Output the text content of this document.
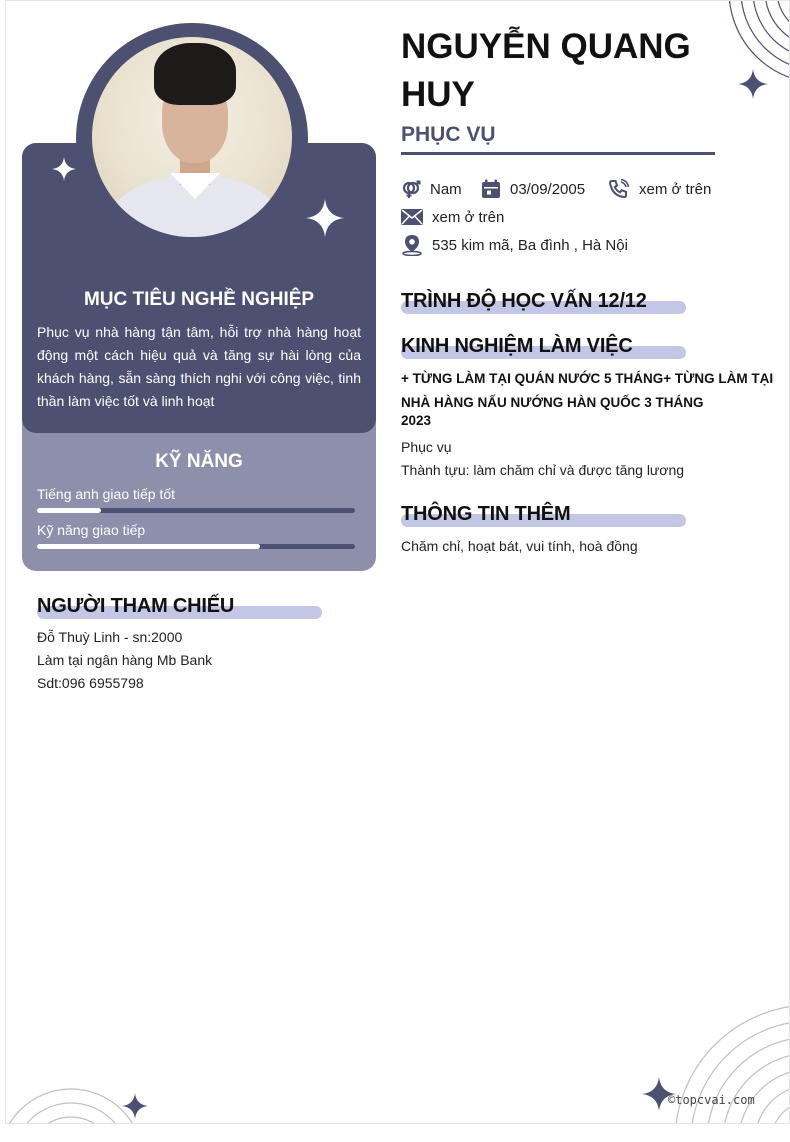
MỤC TIÊU NGHỀ NGHIỆP
Phục vụ nhà hàng tận tâm, hỗi trợ nhà hàng hoạt động một cách hiệu quả và tăng sự hài lòng của khách hàng, sẵn sàng thích nghi với công việc, tinh thần làm việc tốt và linh hoạt
KỸ NĂNG
Tiếng anh giao tiếp tốt
Kỹ năng giao tiếp
NGƯỜI THAM CHIẾU
Đỗ Thuỳ Linh - sn:2000
Làm tại ngân hàng Mb Bank
Sdt:096 6955798
NGUYỄN QUANG HUY
PHỤC VỤ
Nam	03/09/2005	xem ở trên
xem ở trên
535 kim mã, Ba đình , Hà Nội
TRÌNH ĐỘ HỌC VẤN 12/12
KINH NGHIỆM LÀM VIỆC
+ TỪNG LÀM TẠI QUÁN NƯỚC 5 THÁNG+ TỪNG LÀM TẠI NHÀ HÀNG NẤU NƯỚNG HÀN QUỐC 3 THÁNG
2023
Phục vụ
Thành tựu: làm chăm chỉ và được tăng lương
THÔNG TIN THÊM
Chăm chỉ, hoạt bát, vui tính, hoà đồng
©topcvai.com
